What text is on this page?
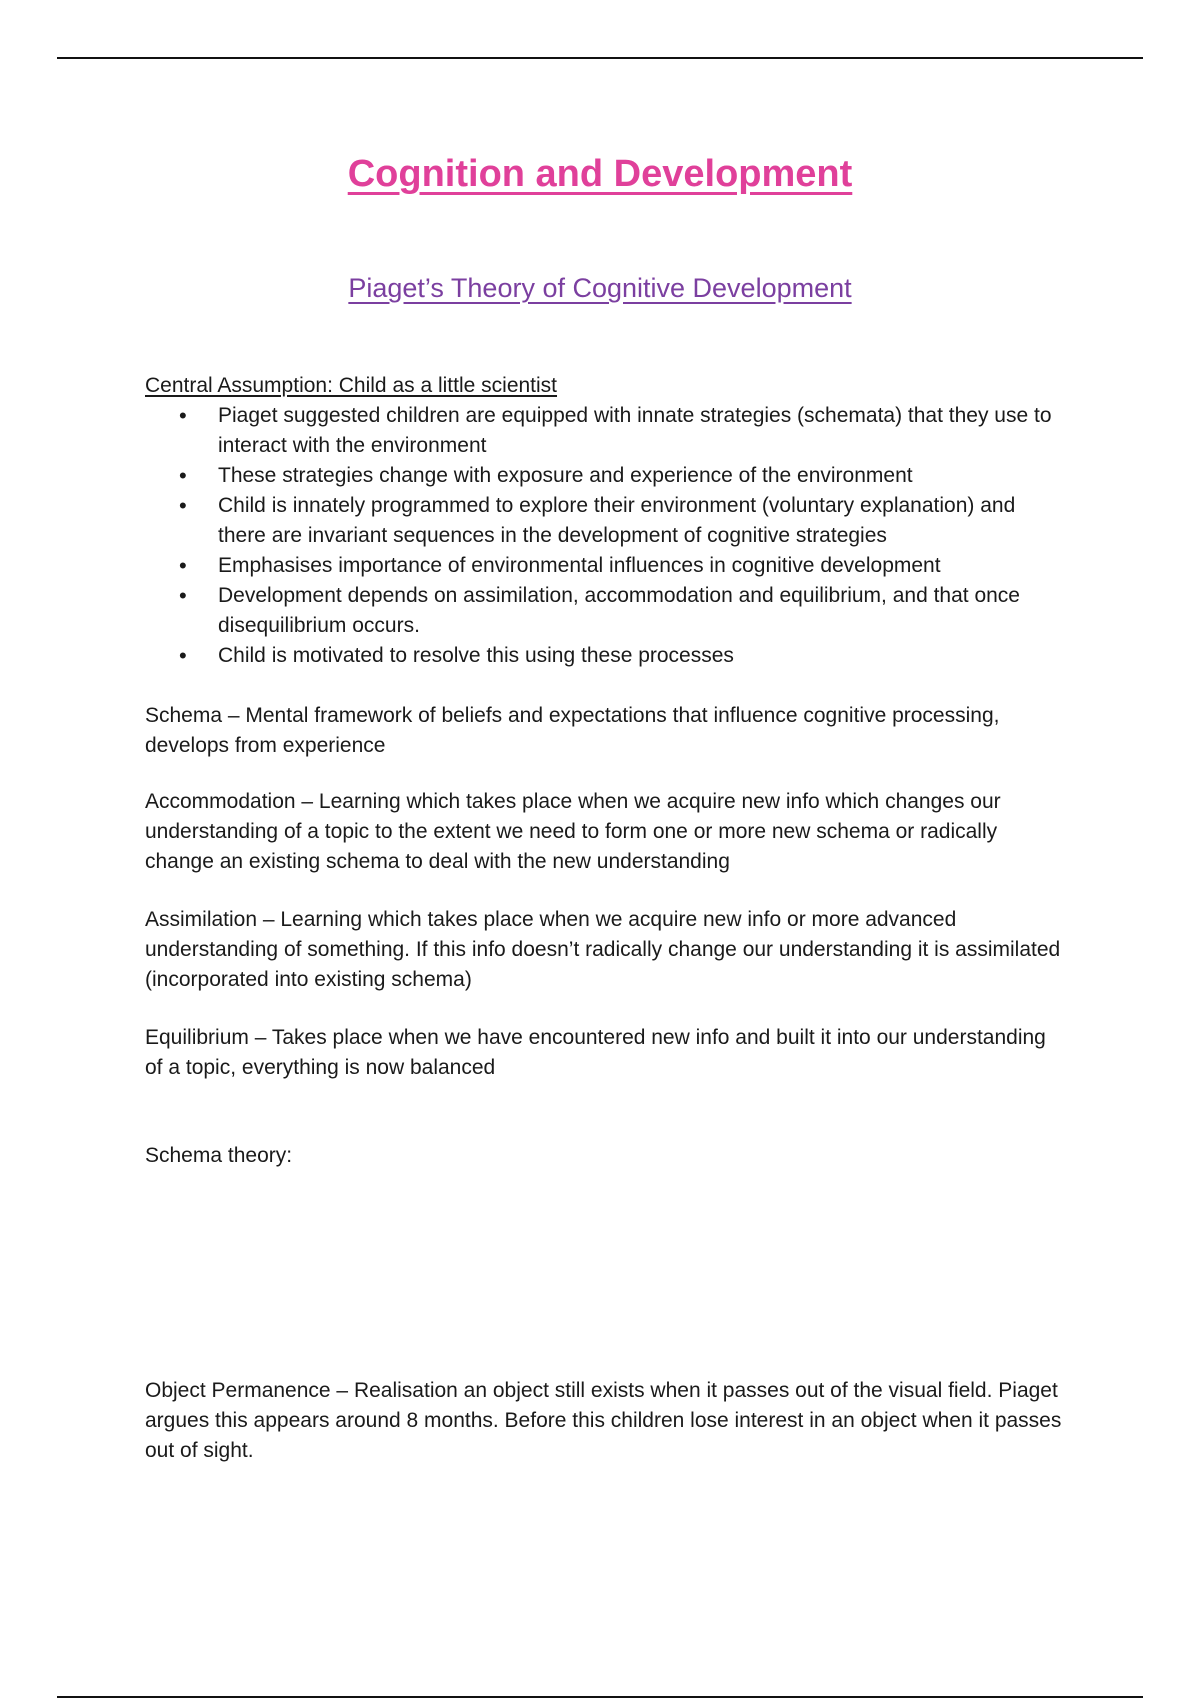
Cognition and Development
Piaget’s Theory of Cognitive Development
Central Assumption: Child as a little scientist
• Piaget suggested children are equipped with innate strategies (schemata) that they use to interact with the environment
• These strategies change with exposure and experience of the environment
• Child is innately programmed to explore their environment (voluntary explanation) and there are invariant sequences in the development of cognitive strategies
• Emphasises importance of environmental influences in cognitive development
• Development depends on assimilation, accommodation and equilibrium, and that once disequilibrium occurs.
• Child is motivated to resolve this using these processes

Schema – Mental framework of beliefs and expectations that influence cognitive processing, develops from experience

Accommodation – Learning which takes place when we acquire new info which changes our understanding of a topic to the extent we need to form one or more new schema or radically change an existing schema to deal with the new understanding

Assimilation – Learning which takes place when we acquire new info or more advanced understanding of something. If this info doesn’t radically change our understanding it is assimilated (incorporated into existing schema)

Equilibrium – Takes place when we have encountered new info and built it into our understanding of a topic, everything is now balanced

Schema theory:

Object Permanence – Realisation an object still exists when it passes out of the visual field. Piaget argues this appears around 8 months. Before this children lose interest in an object when it passes out of sight.
